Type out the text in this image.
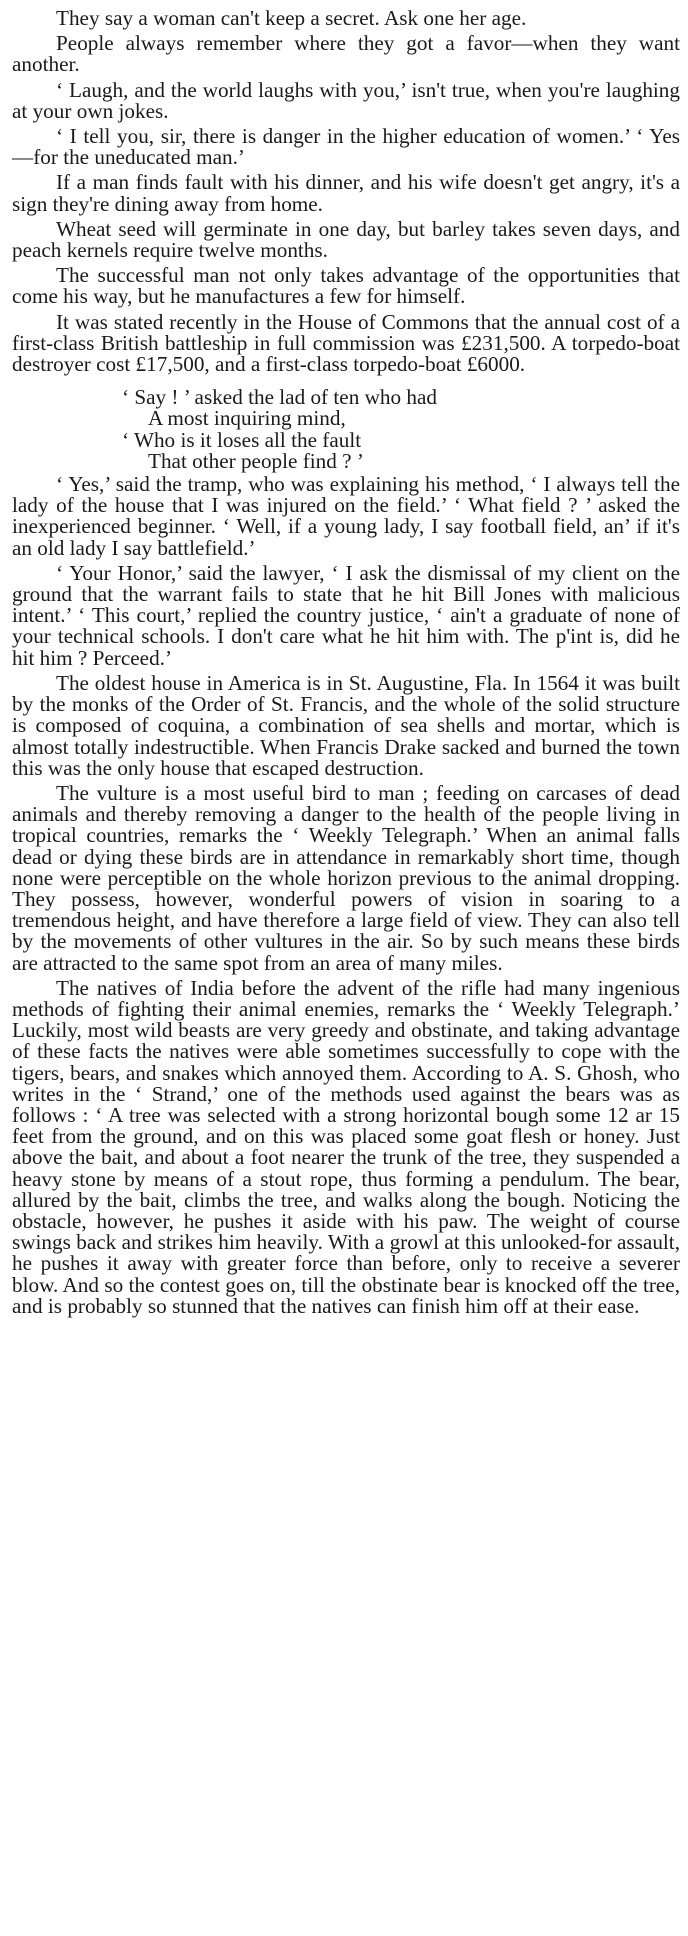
They say a woman can't keep a secret. Ask one her age.

People always remember where they got a favor—when they want another.

‘ Laugh, and the world laughs with you,’ isn't true, when you're laughing at your own jokes.

‘ I tell you, sir, there is danger in the higher education of women.’ ‘ Yes—for the uneducated man.’

If a man finds fault with his dinner, and his wife doesn't get angry, it's a sign they're dining away from home.

Wheat seed will germinate in one day, but barley takes seven days, and peach kernels require twelve months.

The successful man not only takes advantage of the opportunities that come his way, but he manufactures a few for himself.

It was stated recently in the House of Commons that the annual cost of a first-class British battleship in full commission was £231,500. A torpedo-boat destroyer cost £17,500, and a first-class torpedo-boat £6000.

‘ Say ! ’ asked the lad of ten who had

A most inquiring mind,

‘ Who is it loses all the fault

That other people find ? ’

‘ Yes,’ said the tramp, who was explaining his method, ‘ I always tell the lady of the house that I was injured on the field.’ ‘ What field ? ’ asked the inexperienced beginner. ‘ Well, if a young lady, I say football field, an’ if it's an old lady I say battlefield.’

‘ Your Honor,’ said the lawyer, ‘ I ask the dismissal of my client on the ground that the warrant fails to state that he hit Bill Jones with malicious intent.’ ‘ This court,’ replied the country justice, ‘ ain't a graduate of none of your technical schools. I don't care what he hit him with. The p'int is, did he hit him ? Perceed.’

The oldest house in America is in St. Augustine, Fla. In 1564 it was built by the monks of the Order of St. Francis, and the whole of the solid structure is composed of coquina, a combination of sea shells and mortar, which is almost totally indestructible. When Francis Drake sacked and burned the town this was the only house that escaped destruction.

The vulture is a most useful bird to man ; feeding on carcases of dead animals and thereby removing a danger to the health of the people living in tropical countries, remarks the ‘ Weekly Telegraph.’ When an animal falls dead or dying these birds are in attendance in remarkably short time, though none were perceptible on the whole horizon previous to the animal dropping. They possess, however, wonderful powers of vision in soaring to a tremendous height, and have therefore a large field of view. They can also tell by the movements of other vultures in the air. So by such means these birds are attracted to the same spot from an area of many miles.

The natives of India before the advent of the rifle had many ingenious methods of fighting their animal enemies, remarks the ‘ Weekly Telegraph.’ Luckily, most wild beasts are very greedy and obstinate, and taking advantage of these facts the natives were able sometimes successfully to cope with the tigers, bears, and snakes which annoyed them. According to A. S. Ghosh, who writes in the ‘ Strand,’ one of the methods used against the bears was as follows : ‘ A tree was selected with a strong horizontal bough some 12 ar 15 feet from the ground, and on this was placed some goat flesh or honey. Just above the bait, and about a foot nearer the trunk of the tree, they suspended a heavy stone by means of a stout rope, thus forming a pendulum. The bear, allured by the bait, climbs the tree, and walks along the bough. Noticing the obstacle, however, he pushes it aside with his paw. The weight of course swings back and strikes him heavily. With a growl at this unlooked-for assault, he pushes it away with greater force than before, only to receive a severer blow. And so the contest goes on, till the obstinate bear is knocked off the tree, and is probably so stunned that the natives can finish him off at their ease.
